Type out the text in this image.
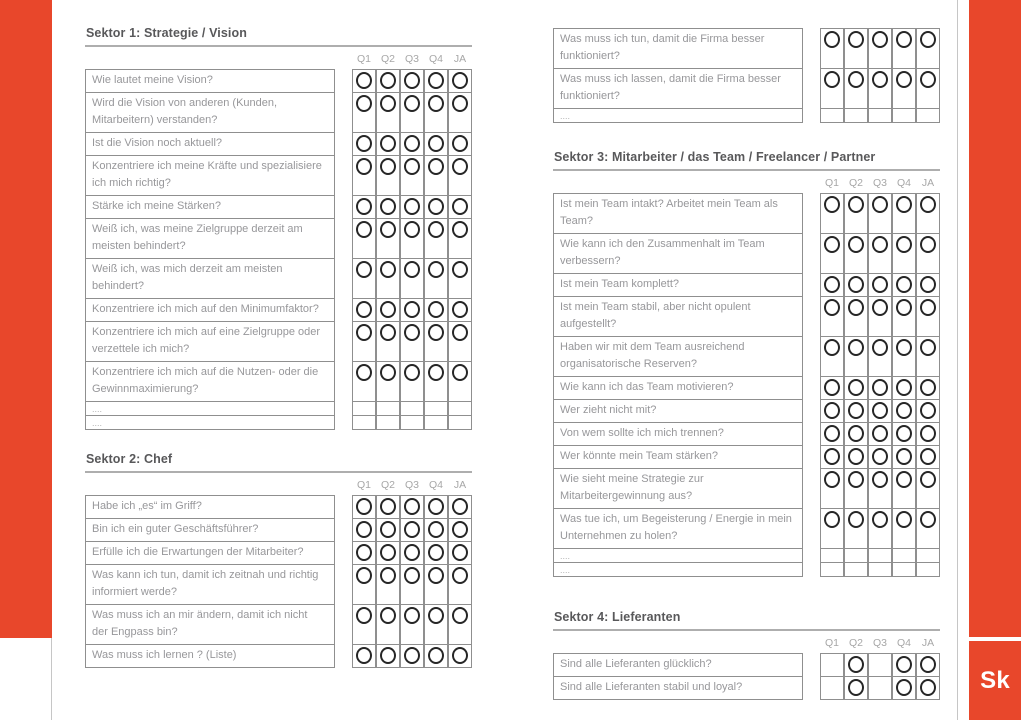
Sektor 1: Strategie / Vision
Q1 Q2 Q3 Q4	JA
Wie lautet meine Vision?
Wird die Vision von anderen (Kunden, Mitarbeitern) verstanden?
Ist die Vision noch aktuell?
Konzentriere ich meine Kräfte und spezialisiere ich mich richtig?
Stärke ich meine Stärken?
Weiß ich, was meine Zielgruppe derzeit am meisten behindert?
Weiß ich, was mich derzeit am meisten behindert?
Konzentriere ich mich auf den Minimumfaktor?
Konzentriere ich mich auf eine Zielgruppe oder verzettele ich mich?
Konzentriere ich mich auf die Nutzen- oder die Gewinnmaximierung?
....
....
Sektor 2: Chef
Q1 Q2 Q3 Q4	JA
Habe ich „es“ im Griff?
Bin ich ein guter Geschäftsführer?
Erfülle ich die Erwartungen der Mitarbeiter?
Was kann ich tun, damit ich zeitnah und richtig informiert werde?
Was muss ich an mir ändern, damit ich nicht der Engpass bin?
Was muss ich lernen ? (Liste)
Was muss ich tun, damit die Firma besser funktioniert?
Was muss ich lassen, damit die Firma besser funktioniert?
....
Sektor 3: Mitarbeiter / das Team / Freelancer / Partner
Q1 Q2 Q3 Q4	JA
Ist mein Team intakt? Arbeitet mein Team als Team?
Wie kann ich den Zusammenhalt im Team verbessern?
Ist mein Team komplett?
Ist mein Team stabil, aber nicht opulent aufgestellt?
Haben wir mit dem Team ausreichend organisatorische Reserven?
Wie kann ich das Team motivieren?
Wer zieht nicht mit?
Von wem sollte ich mich trennen?
Wer könnte mein Team stärken?
Wie sieht meine Strategie zur Mitarbeitergewinnung aus?
Was tue ich, um Begeisterung / Energie in mein Unternehmen zu holen?
....
....
Sektor 4: Lieferanten
Q1 Q2 Q3 Q4	JA
Sind alle Lieferanten glücklich?
Sind alle Lieferanten stabil und loyal?	Sk
